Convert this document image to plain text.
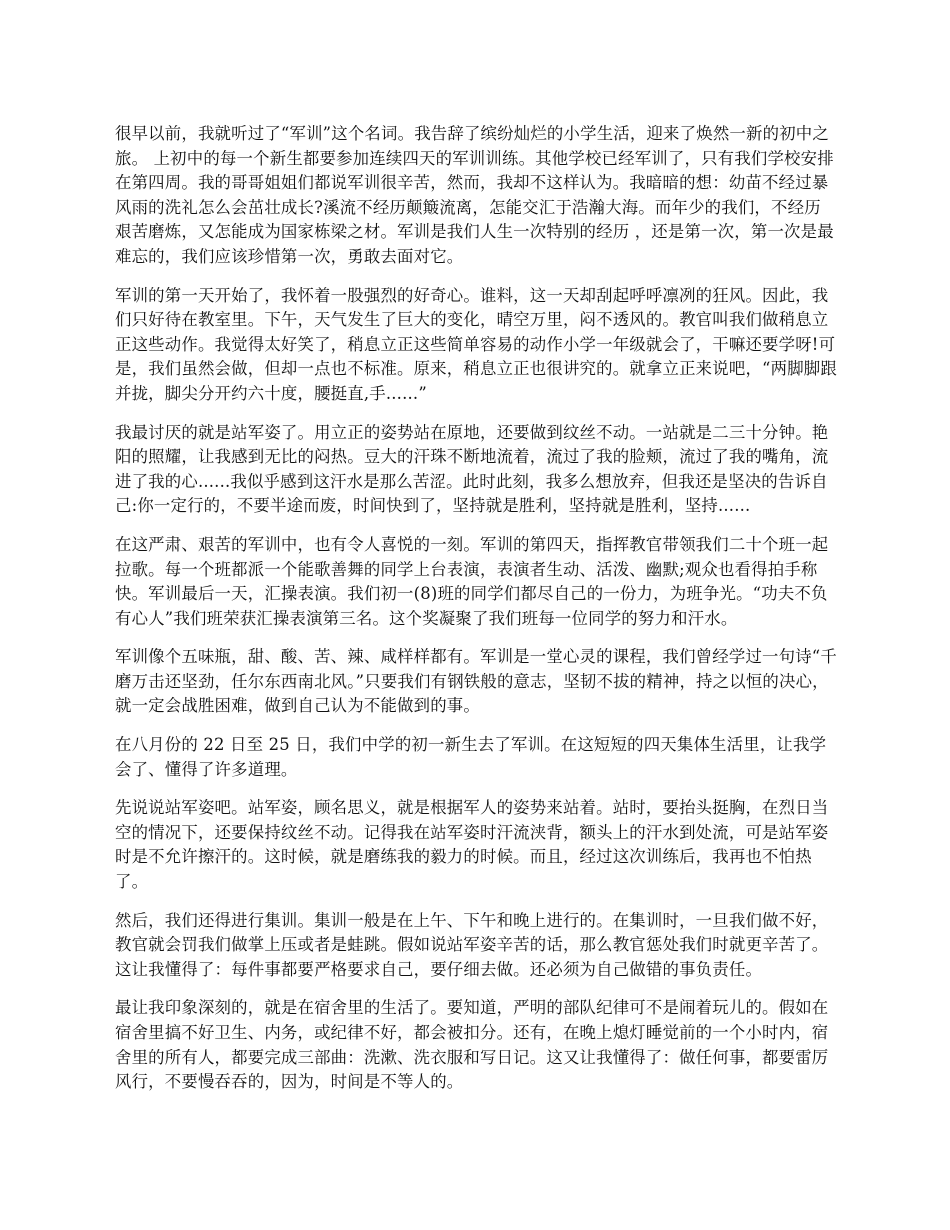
很早以前，我就听过了“军训”这个名词。我告辞了缤纷灿烂的小学生活，迎来了焕然一新的初中之旅。 上初中的每一个新生都要参加连续四天的军训训练。其他学校已经军训了，只有我们学校安排在第四周。我的哥哥姐姐们都说军训很辛苦，然而，我却不这样认为。我暗暗的想：幼苗不经过暴风雨的洗礼怎么会茁壮成长?溪流不经历颠簸流离，怎能交汇于浩瀚大海。而年少的我们，不经历艰苦磨炼，又怎能成为国家栋梁之材。军训是我们人生一次特别的经历 ，还是第一次，第一次是最难忘的，我们应该珍惜第一次，勇敢去面对它。

军训的第一天开始了，我怀着一股强烈的好奇心。谁料，这一天却刮起呼呼凛冽的狂风。因此，我们只好待在教室里。下午，天气发生了巨大的变化，晴空万里，闷不透风的。教官叫我们做稍息立正这些动作。我觉得太好笑了，稍息立正这些简单容易的动作小学一年级就会了，干嘛还要学呀!可是，我们虽然会做，但却一点也不标准。原来，稍息立正也很讲究的。就拿立正来说吧，“两脚脚跟并拢，脚尖分开约六十度，腰挺直,手......”

我最讨厌的就是站军姿了。用立正的姿势站在原地，还要做到纹丝不动。一站就是二三十分钟。艳阳的照耀，让我感到无比的闷热。豆大的汗珠不断地流着，流过了我的脸颊，流过了我的嘴角，流进了我的心......我似乎感到这汗水是那么苦涩。此时此刻，我多么想放弃，但我还是坚决的告诉自己:你一定行的，不要半途而废，时间快到了，坚持就是胜利，坚持就是胜利，坚持......

在这严肃、艰苦的军训中，也有令人喜悦的一刻。军训的第四天，指挥教官带领我们二十个班一起拉歌。每一个班都派一个能歌善舞的同学上台表演，表演者生动、活泼、幽默;观众也看得拍手称快。军训最后一天，汇操表演。我们初一(8)班的同学们都尽自己的一份力，为班争光。“功夫不负有心人”我们班荣获汇操表演第三名。这个奖凝聚了我们班每一位同学的努力和汗水。

军训像个五味瓶，甜、酸、苦、辣、咸样样都有。军训是一堂心灵的课程，我们曾经学过一句诗“千磨万击还坚劲，任尔东西南北风。”只要我们有钢铁般的意志，坚韧不拔的精神，持之以恒的决心，就一定会战胜困难，做到自己认为不能做到的事。

在八月份的 22 日至 25 日，我们中学的初一新生去了军训。在这短短的四天集体生活里，让我学会了、懂得了许多道理。

先说说站军姿吧。站军姿，顾名思义，就是根据军人的姿势来站着。站时，要抬头挺胸，在烈日当空的情况下，还要保持纹丝不动。记得我在站军姿时汗流浃背，额头上的汗水到处流，可是站军姿时是不允许擦汗的。这时候，就是磨练我的毅力的时候。而且，经过这次训练后，我再也不怕热了。

然后，我们还得进行集训。集训一般是在上午、下午和晚上进行的。在集训时，一旦我们做不好，教官就会罚我们做掌上压或者是蛙跳。假如说站军姿辛苦的话，那么教官惩处我们时就更辛苦了。这让我懂得了：每件事都要严格要求自己，要仔细去做。还必须为自己做错的事负责任。

最让我印象深刻的，就是在宿舍里的生活了。要知道，严明的部队纪律可不是闹着玩儿的。假如在宿舍里搞不好卫生、内务，或纪律不好，都会被扣分。还有，在晚上熄灯睡觉前的一个小时内，宿舍里的所有人，都要完成三部曲：洗漱、洗衣服和写日记。这又让我懂得了：做任何事，都要雷厉风行，不要慢吞吞的，因为，时间是不等人的。
